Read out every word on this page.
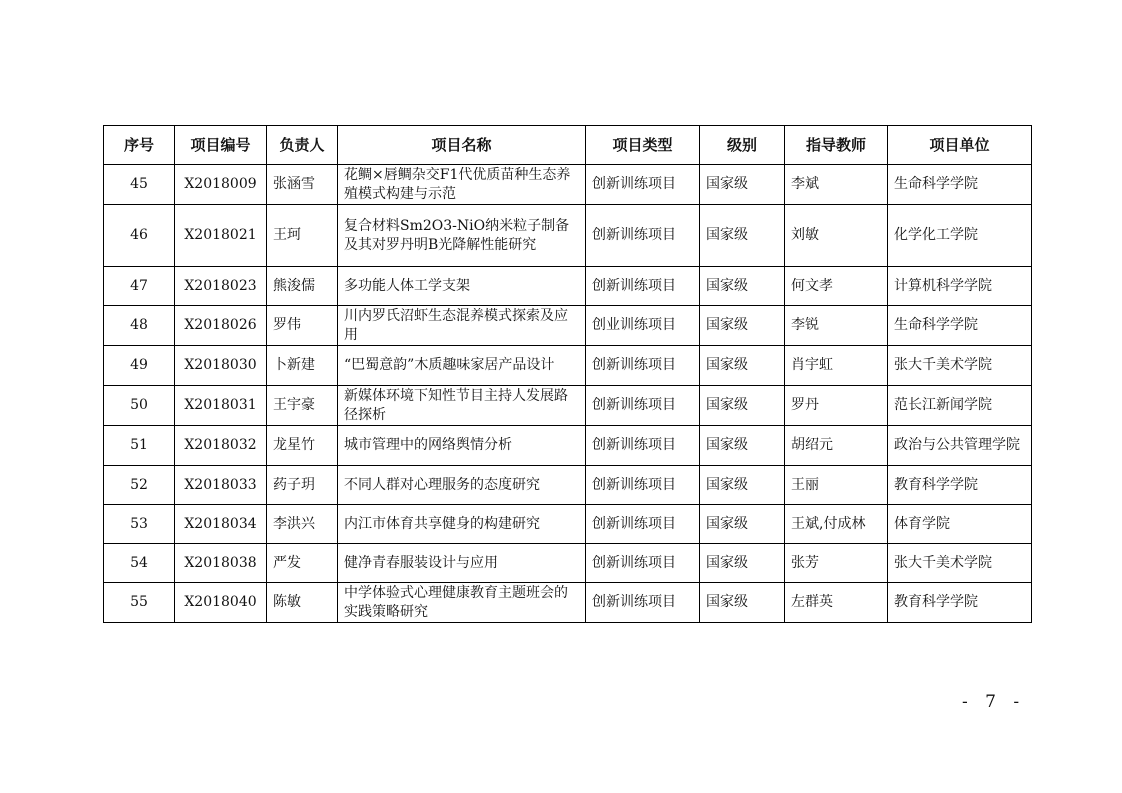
序号	项目编号	负责人	项目名称	项目类型	级别	指导教师	项目单位
45	X2018009	张涵雪	花鲷×唇鲷杂交F1代优质苗种生态养殖模式构建与示范	创新训练项目	国家级	李斌	生命科学学院
46	X2018021	王珂	复合材料Sm2O3-NiO纳米粒子制备及其对罗丹明B光降解性能研究	创新训练项目	国家级	刘敏	化学化工学院
47	X2018023	熊浚儒	多功能人体工学支架	创新训练项目	国家级	何文孝	计算机科学学院
48	X2018026	罗伟	川内罗氏沼虾生态混养模式探索及应用	创业训练项目	国家级	李锐	生命科学学院
49	X2018030	卜新建	“巴蜀意韵”木质趣味家居产品设计	创新训练项目	国家级	肖宇虹	张大千美术学院
50	X2018031	王宇豪	新媒体环境下知性节目主持人发展路径探析	创新训练项目	国家级	罗丹	范长江新闻学院
51	X2018032	龙星竹	城市管理中的网络舆情分析	创新训练项目	国家级	胡绍元	政治与公共管理学院
52	X2018033	药子玥	不同人群对心理服务的态度研究	创新训练项目	国家级	王丽	教育科学学院
53	X2018034	李洪兴	内江市体育共享健身的构建研究	创新训练项目	国家级	王斌,付成林	体育学院
54	X2018038	严发	健净青春服装设计与应用	创新训练项目	国家级	张芳	张大千美术学院
55	X2018040	陈敏	中学体验式心理健康教育主题班会的实践策略研究	创新训练项目	国家级	左群英	教育科学学院
- 7 -
